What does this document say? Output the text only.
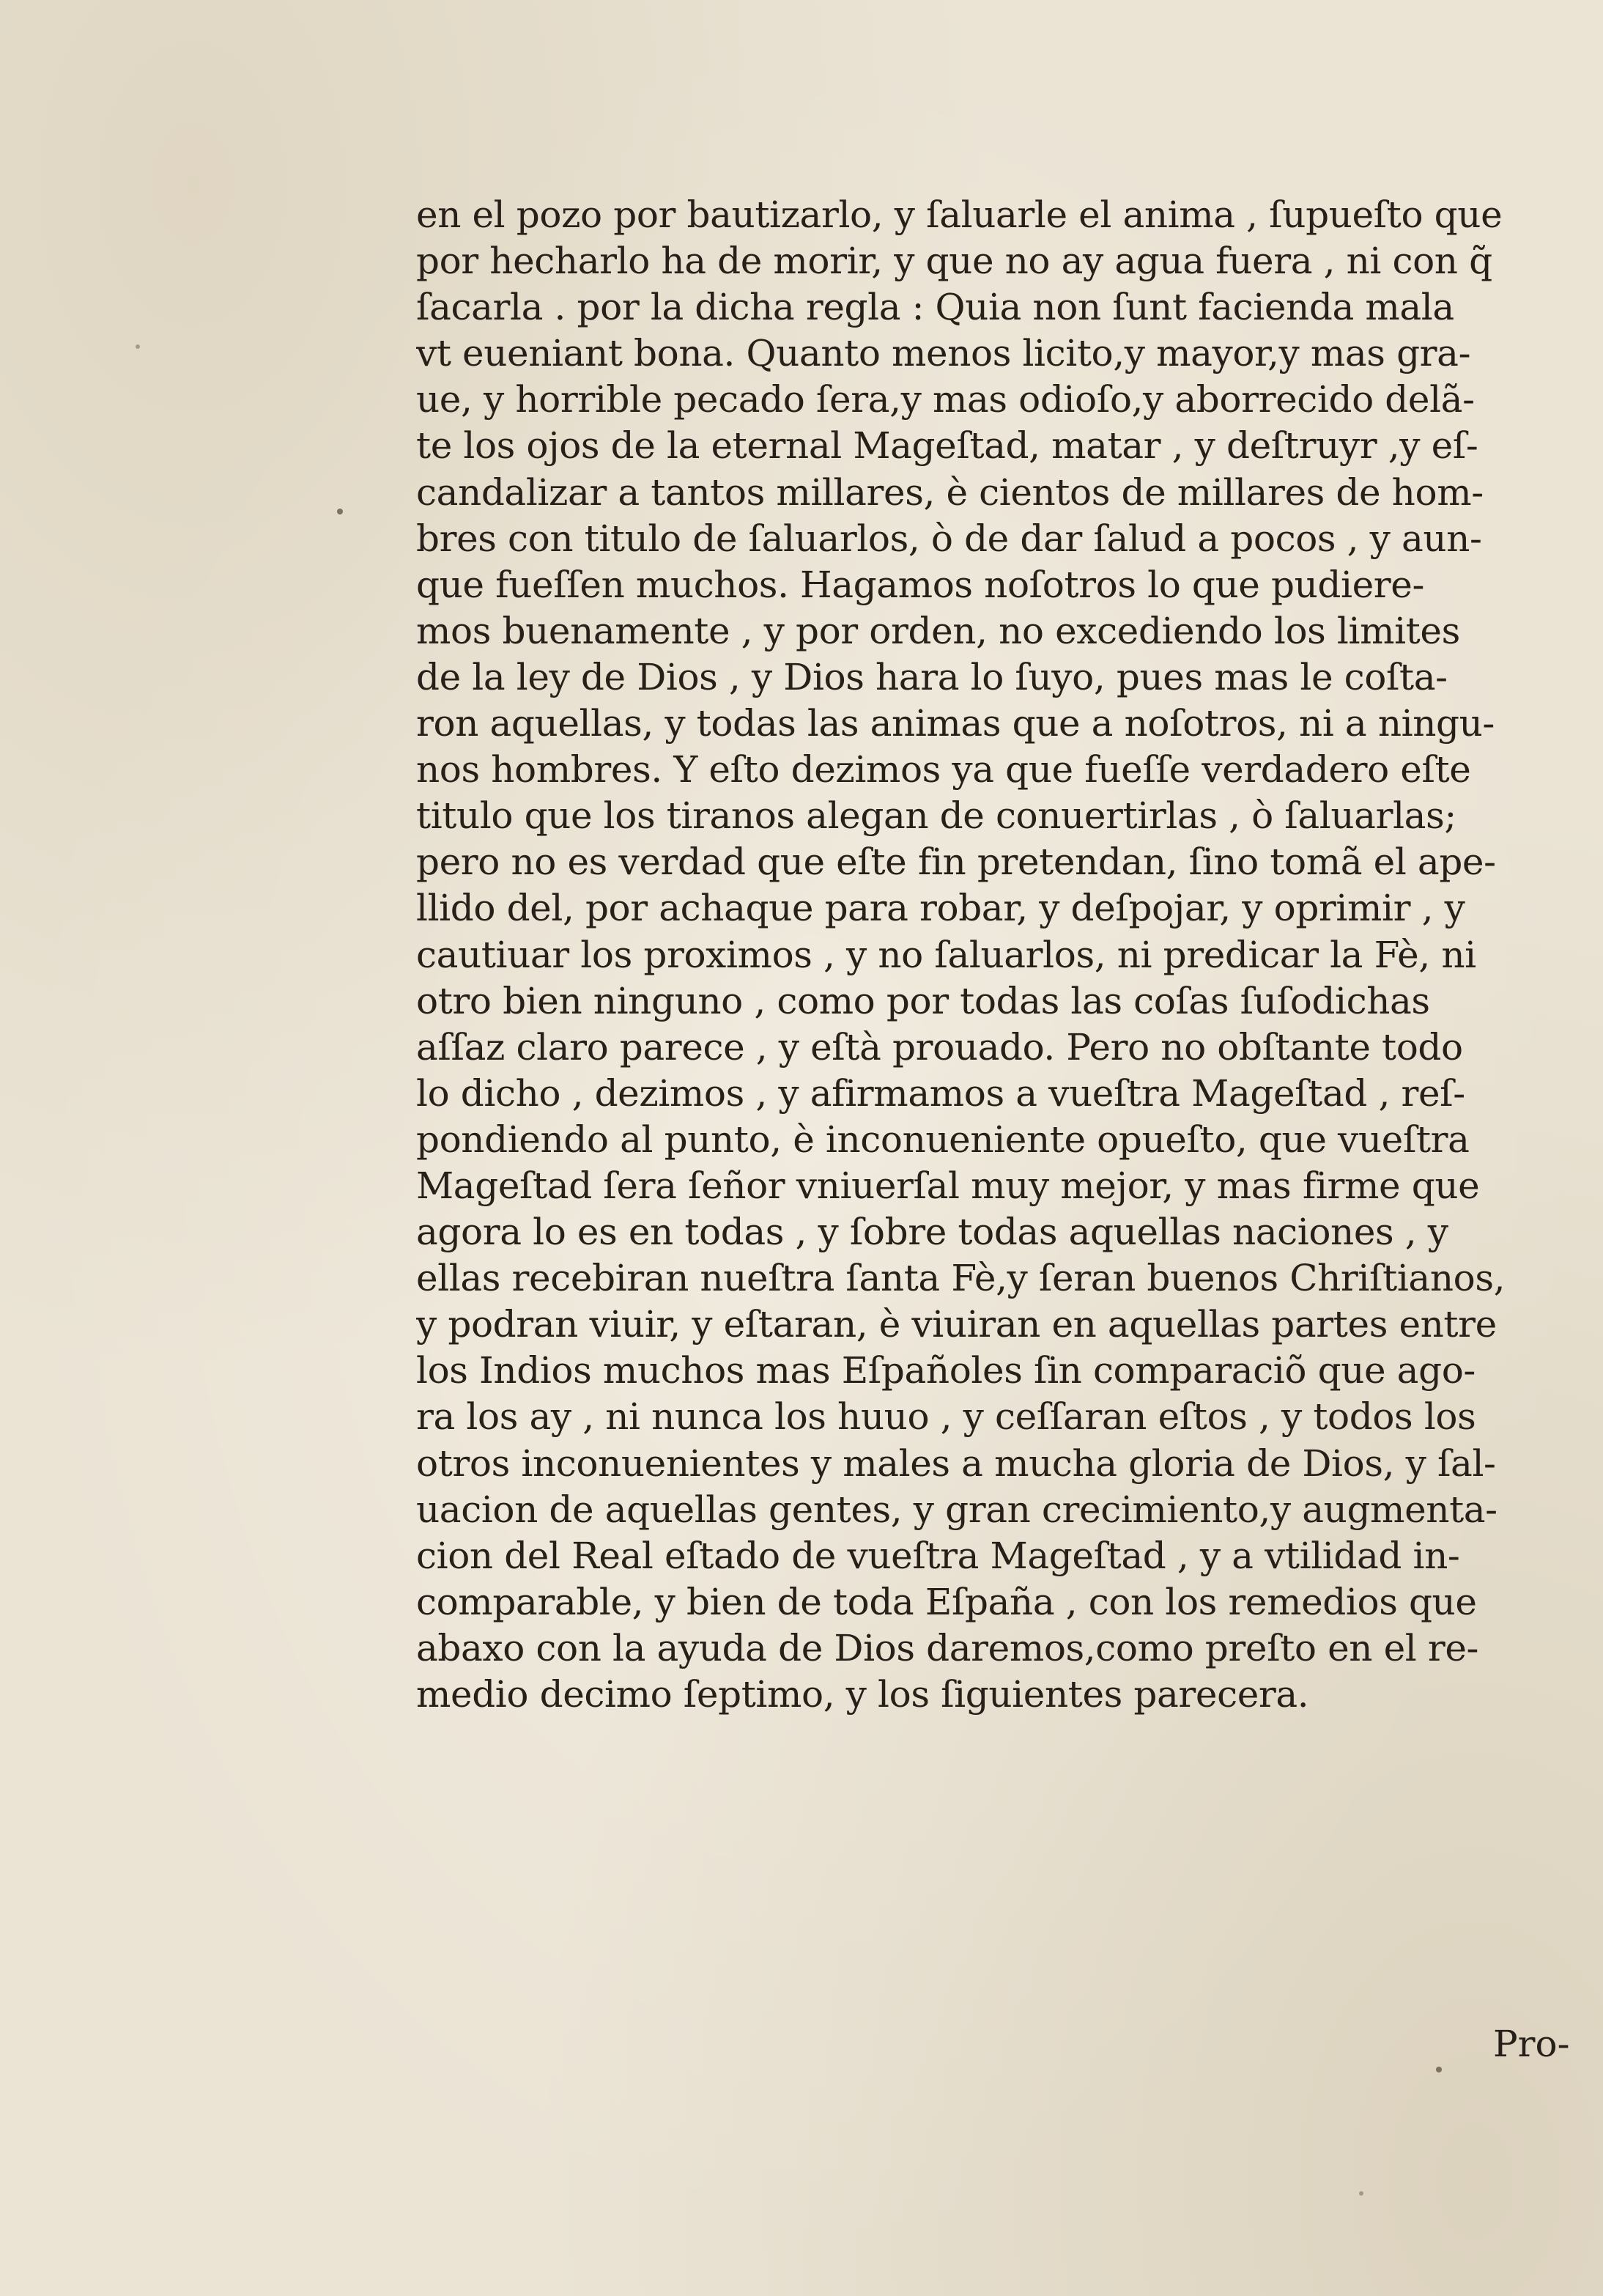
en el pozo por bautizarlo, y ſaluarle el anima , ſupueſto que
por hecharlo ha de morir, y que no ay agua fuera , ni con q̃
ſacarla . por la dicha regla : Quia non ſunt facienda mala
vt eueniant bona. Quanto menos licito,y mayor,y mas gra-
ue, y horrible pecado ſera,y mas odioſo,y aborrecido delã-
te los ojos de la eternal Mageſtad, matar , y deſtruyr ,y eſ-
candalizar a tantos millares, è cientos de millares de hom-
bres con titulo de ſaluarlos, ò de dar ſalud a pocos , y aun-
que fueſſen muchos. Hagamos noſotros lo que pudiere-
mos buenamente , y por orden, no excediendo los limites
de la ley de Dios , y Dios hara lo ſuyo, pues mas le coſta-
ron aquellas, y todas las animas que a noſotros, ni a ningu-
nos hombres. Y eſto dezimos ya que fueſſe verdadero eſte
titulo que los tiranos alegan de conuertirlas , ò ſaluarlas;
pero no es verdad que eſte fin pretendan, ſino tomã el ape-
llido del, por achaque para robar, y deſpojar, y oprimir , y
cautiuar los proximos , y no ſaluarlos, ni predicar la Fè, ni
otro bien ninguno , como por todas las coſas ſuſodichas
aſſaz claro parece , y eſtà prouado. Pero no obſtante todo
lo dicho , dezimos , y afirmamos a vueſtra Mageſtad , reſ-
pondiendo al punto, è inconueniente opueſto, que vueſtra
Mageſtad ſera ſeñor vniuerſal muy mejor, y mas firme que
agora lo es en todas , y ſobre todas aquellas naciones , y
ellas recebiran nueſtra ſanta Fè,y ſeran buenos Chriſtianos,
y podran viuir, y eſtaran, è viuiran en aquellas partes entre
los Indios muchos mas Eſpañoles ſin comparaciõ que ago-
ra los ay , ni nunca los huuo , y ceſſaran eſtos , y todos los
otros inconuenientes y males a mucha gloria de Dios, y ſal-
uacion de aquellas gentes, y gran crecimiento,y augmenta-
cion del Real eſtado de vueſtra Mageſtad , y a vtilidad in-
comparable, y bien de toda Eſpaña , con los remedios que
abaxo con la ayuda de Dios daremos,como preſto en el re-
medio decimo ſeptimo, y los ſiguientes parecera.
Pro-
